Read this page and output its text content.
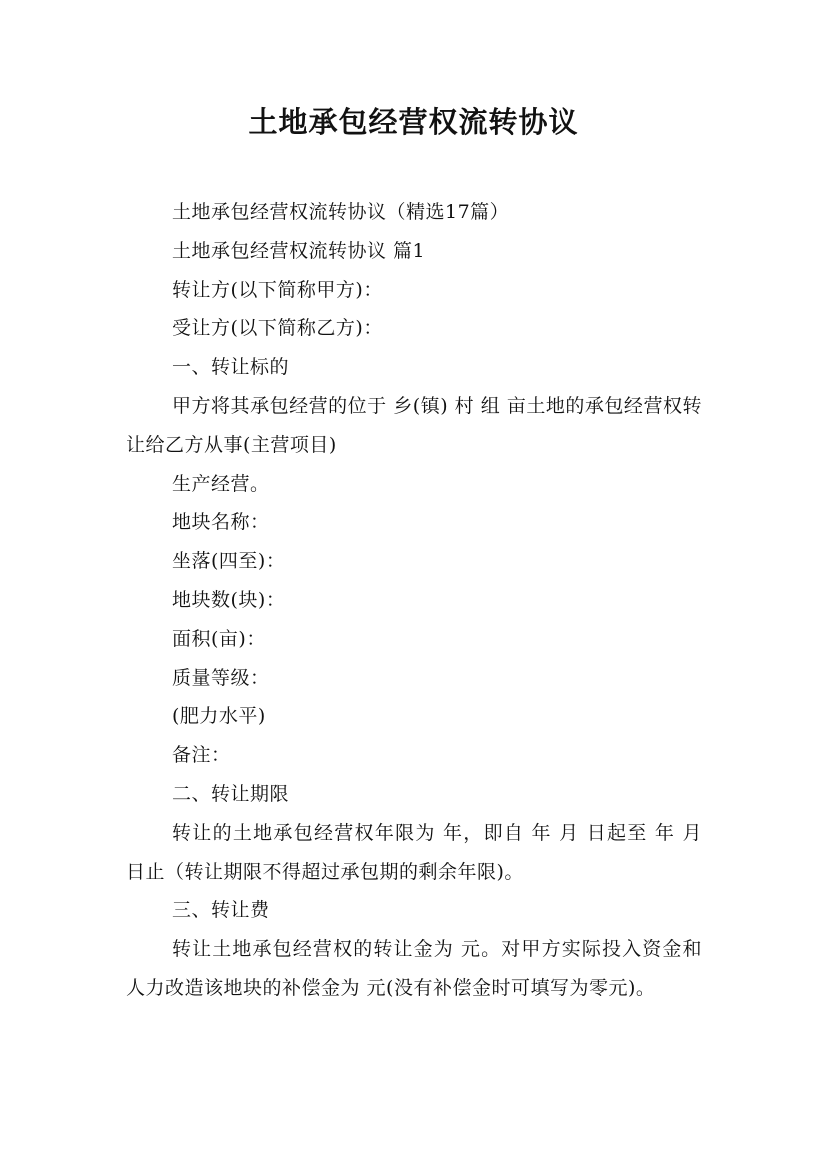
土地承包经营权流转协议

土地承包经营权流转协议（精选17篇）

土地承包经营权流转协议 篇1

转让方(以下简称甲方)：

受让方(以下简称乙方)：

一、转让标的

甲方将其承包经营的位于 乡(镇) 村 组 亩土地的承包经营权转让给乙方从事(主营项目)

生产经营。

地块名称：

坐落(四至)：

地块数(块)：

面积(亩)：

质量等级：

(肥力水平)

备注：

二、转让期限

转让的土地承包经营权年限为 年，即自 年 月 日起至 年 月 日止（转让期限不得超过承包期的剩余年限)。

三、转让费

转让土地承包经营权的转让金为 元。对甲方实际投入资金和人力改造该地块的补偿金为 元(没有补偿金时可填写为零元)。
